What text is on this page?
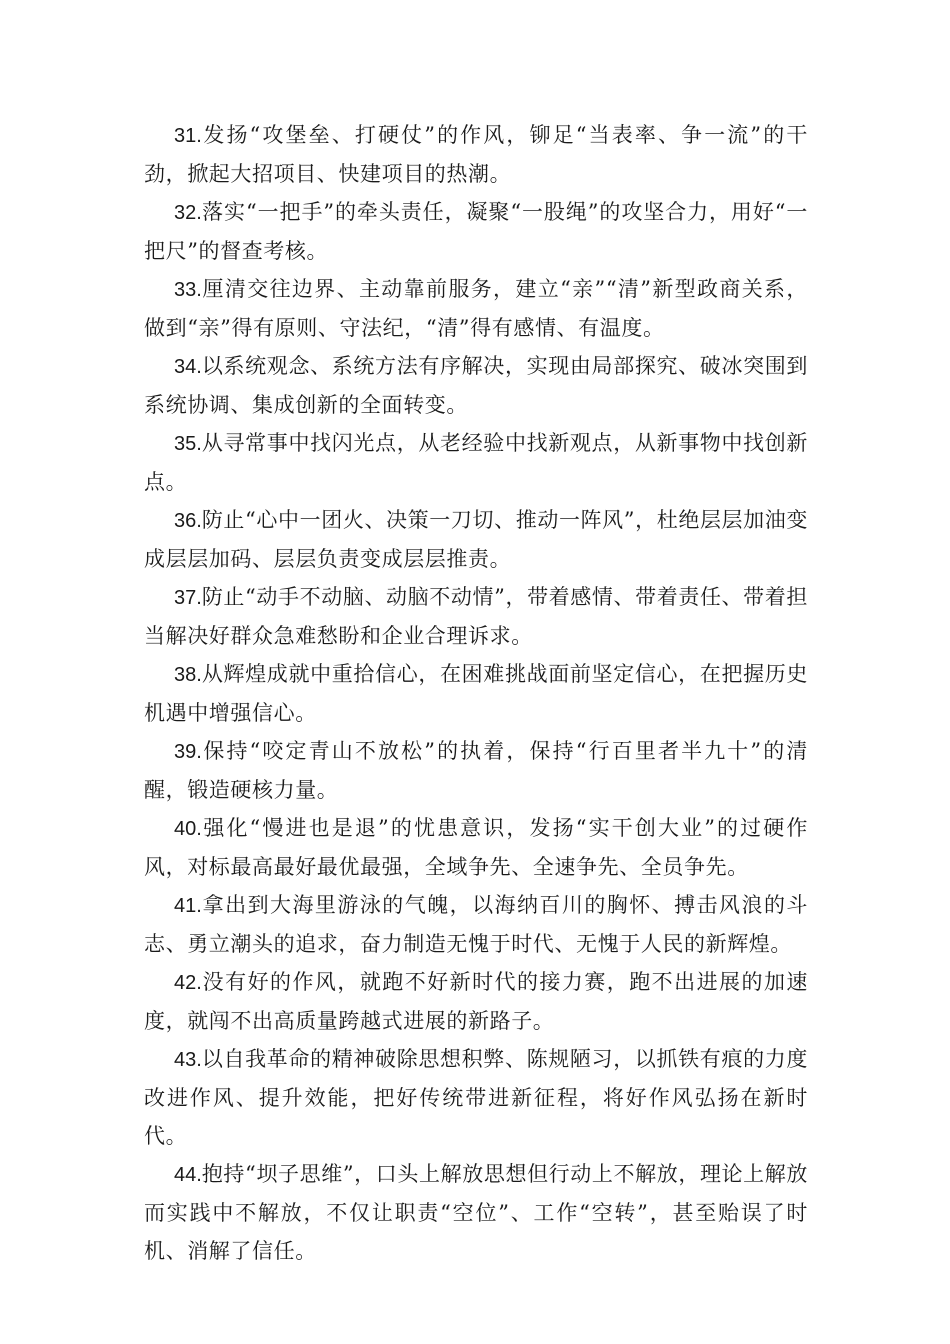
31.发扬“攻堡垒、打硬仗”的作风，铆足“当表率、争一流”的干劲，掀起大招项目、快建项目的热潮。

32.落实“一把手”的牵头责任，凝聚“一股绳”的攻坚合力，用好“一把尺”的督查考核。

33.厘清交往边界、主动靠前服务，建立“亲”“清”新型政商关系，做到“亲”得有原则、守法纪，“清”得有感情、有温度。

34.以系统观念、系统方法有序解决，实现由局部探究、破冰突围到系统协调、集成创新的全面转变。

35.从寻常事中找闪光点，从老经验中找新观点，从新事物中找创新点。

36.防止“心中一团火、决策一刀切、推动一阵风”，杜绝层层加油变成层层加码、层层负责变成层层推责。

37.防止“动手不动脑、动脑不动情”，带着感情、带着责任、带着担当解决好群众急难愁盼和企业合理诉求。

38.从辉煌成就中重拾信心，在困难挑战面前坚定信心，在把握历史机遇中增强信心。

39.保持“咬定青山不放松”的执着，保持“行百里者半九十”的清醒，锻造硬核力量。

40.强化“慢进也是退”的忧患意识，发扬“实干创大业”的过硬作风，对标最高最好最优最强，全域争先、全速争先、全员争先。

41.拿出到大海里游泳的气魄，以海纳百川的胸怀、搏击风浪的斗志、勇立潮头的追求，奋力制造无愧于时代、无愧于人民的新辉煌。

42.没有好的作风，就跑不好新时代的接力赛，跑不出进展的加速度，就闯不出高质量跨越式进展的新路子。

43.以自我革命的精神破除思想积弊、陈规陋习，以抓铁有痕的力度改进作风、提升效能，把好传统带进新征程，将好作风弘扬在新时代。

44.抱持“坝子思维”，口头上解放思想但行动上不解放，理论上解放而实践中不解放，不仅让职责“空位”、工作“空转”，甚至贻误了时机、消解了信任。
